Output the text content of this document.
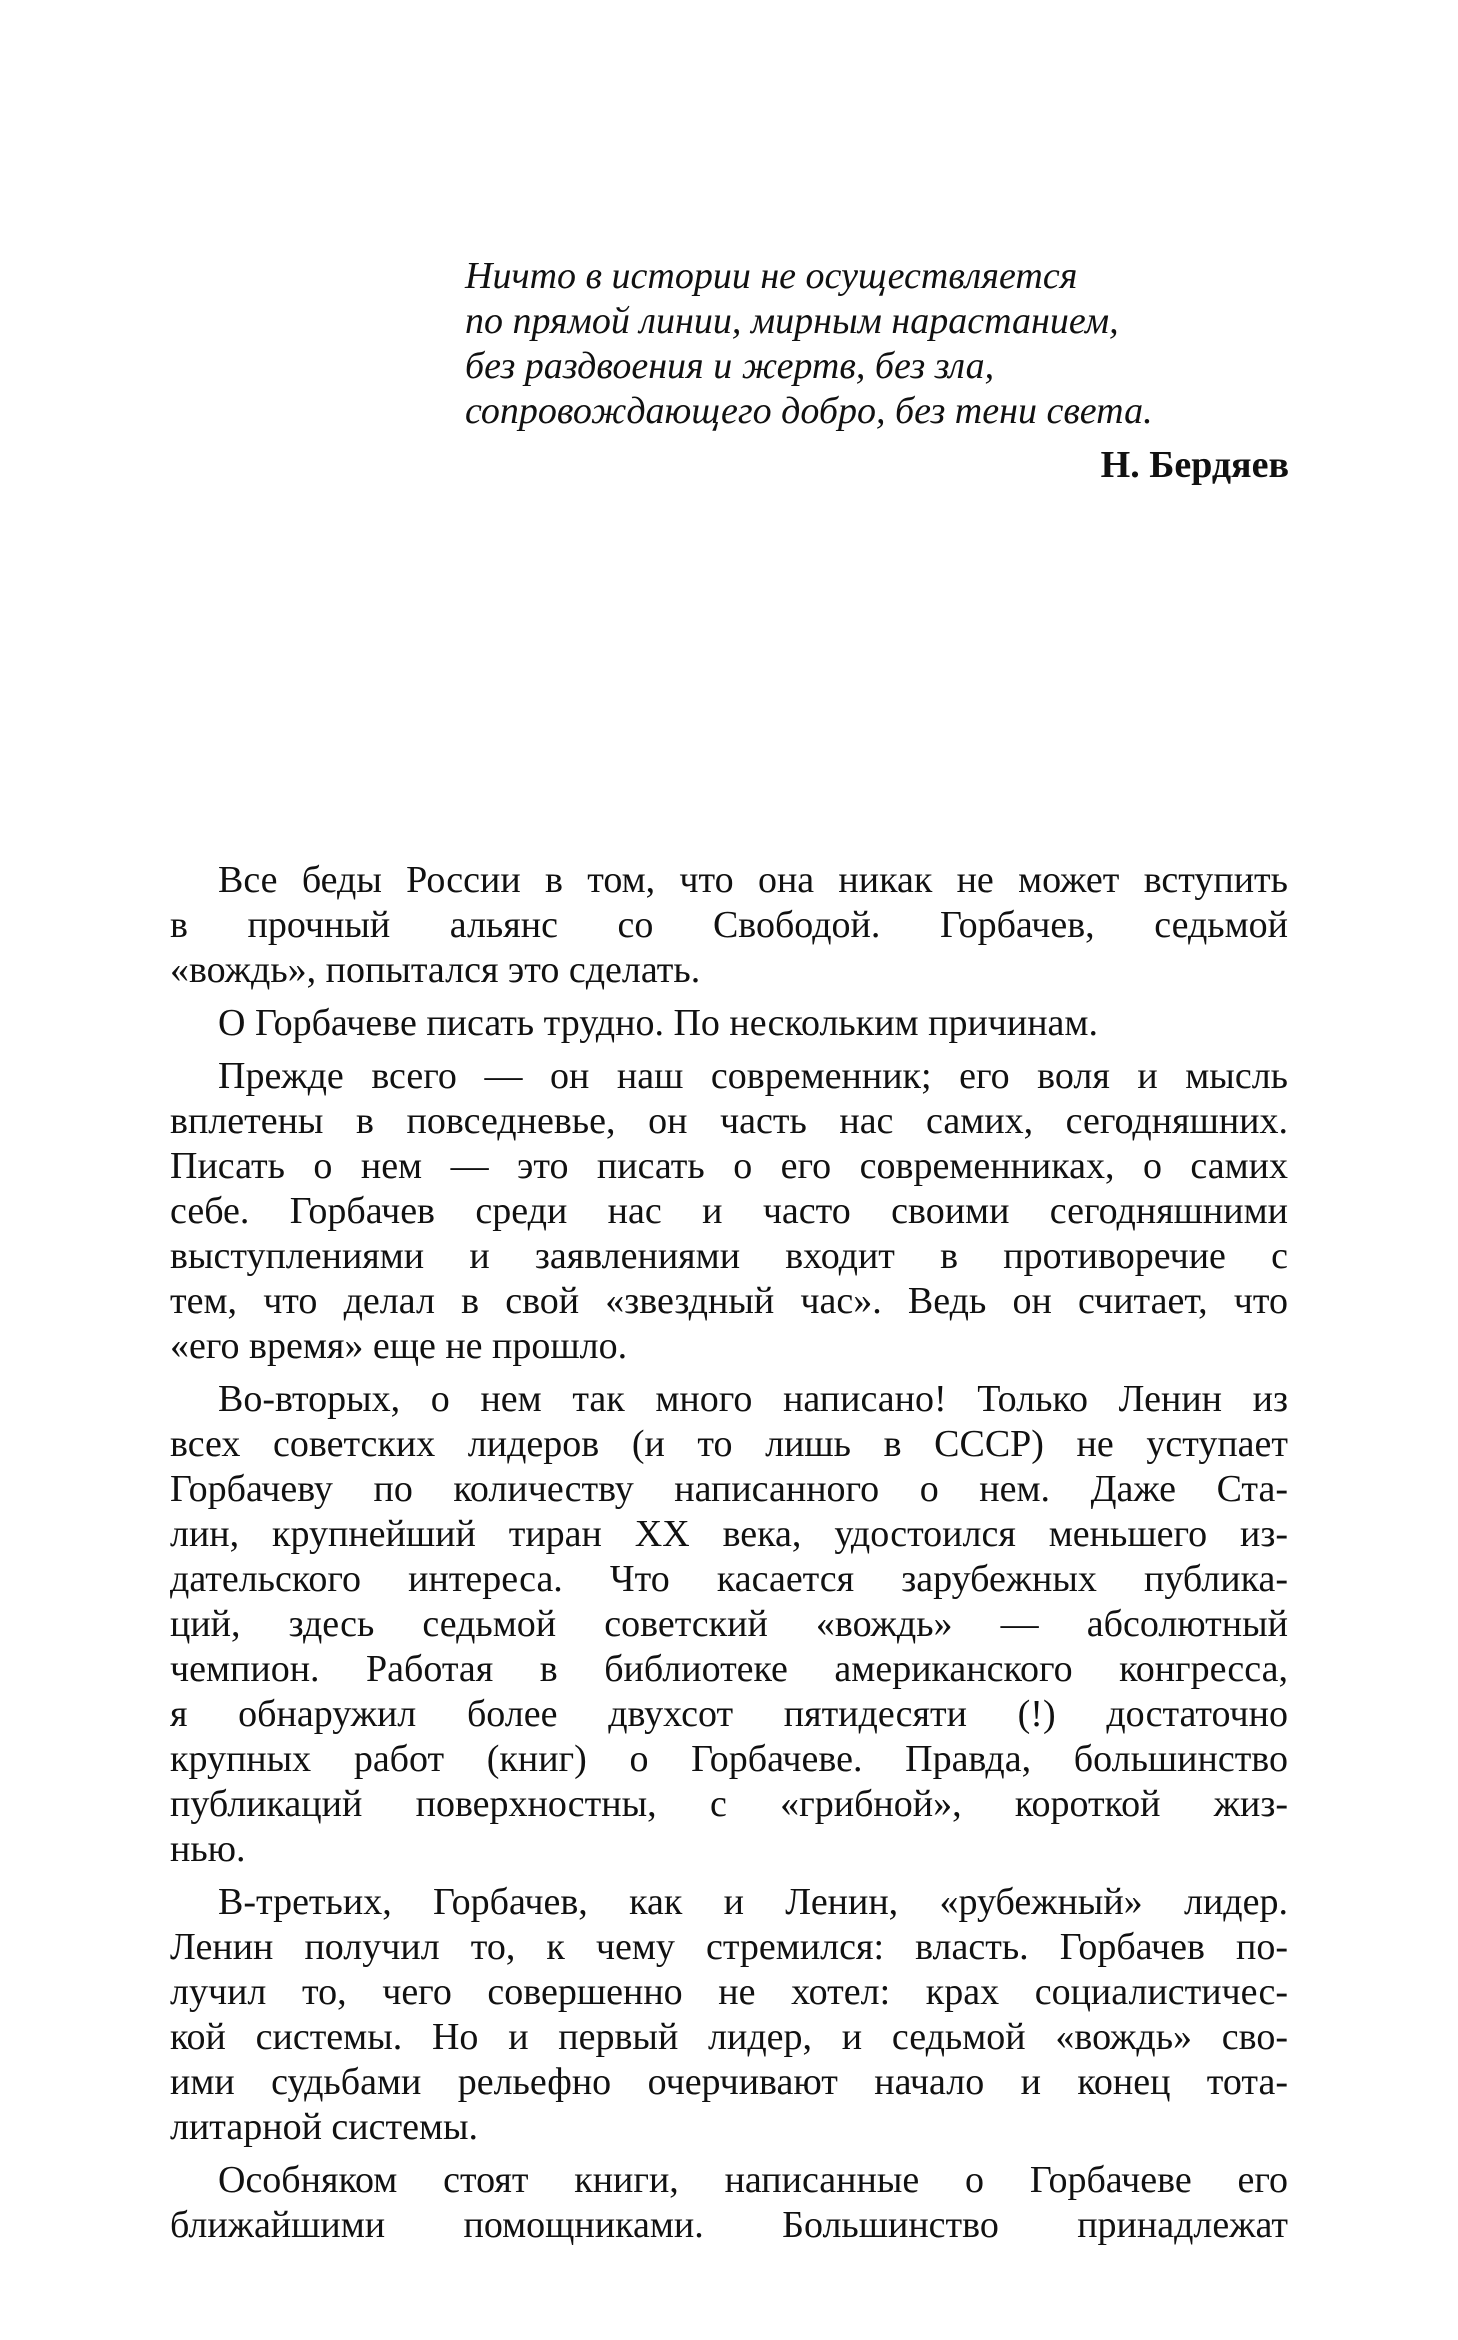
Ничто в истории не осуществляется
по прямой линии, мирным нарастанием,
без раздвоения и жертв, без зла,
сопровождающего добро, без тени света.
Н. Бердяев
Все беды России в том, что она никак не может вступить
в прочный альянс со Свободой. Горбачев, седьмой
«вождь», попытался это сделать.
О Горбачеве писать трудно. По нескольким причинам.
Прежде всего — он наш современник; его воля и мысль
вплетены в повседневье, он часть нас самих, сегодняшних.
Писать о нем — это писать о его современниках, о самих
себе. Горбачев среди нас и часто своими сегодняшними
выступлениями и заявлениями входит в противоречие с
тем, что делал в свой «звездный час». Ведь он считает, что
«его время» еще не прошло.
Во-вторых, о нем так много написано! Только Ленин из
всех советских лидеров (и то лишь в СССР) не уступает
Горбачеву по количеству написанного о нем. Даже Ста-
лин, крупнейший тиран XX века, удостоился меньшего из-
дательского интереса. Что касается зарубежных публика-
ций, здесь седьмой советский «вождь» — абсолютный
чемпион. Работая в библиотеке американского конгресса,
я обнаружил более двухсот пятидесяти (!) достаточно
крупных работ (книг) о Горбачеве. Правда, большинство
публикаций поверхностны, с «грибной», короткой жиз-
нью.
В-третьих, Горбачев, как и Ленин, «рубежный» лидер.
Ленин получил то, к чему стремился: власть. Горбачев по-
лучил то, чего совершенно не хотел: крах социалистичес-
кой системы. Но и первый лидер, и седьмой «вождь» сво-
ими судьбами рельефно очерчивают начало и конец тота-
литарной системы.
Особняком стоят книги, написанные о Горбачеве его
ближайшими помощниками. Большинство принадлежат
